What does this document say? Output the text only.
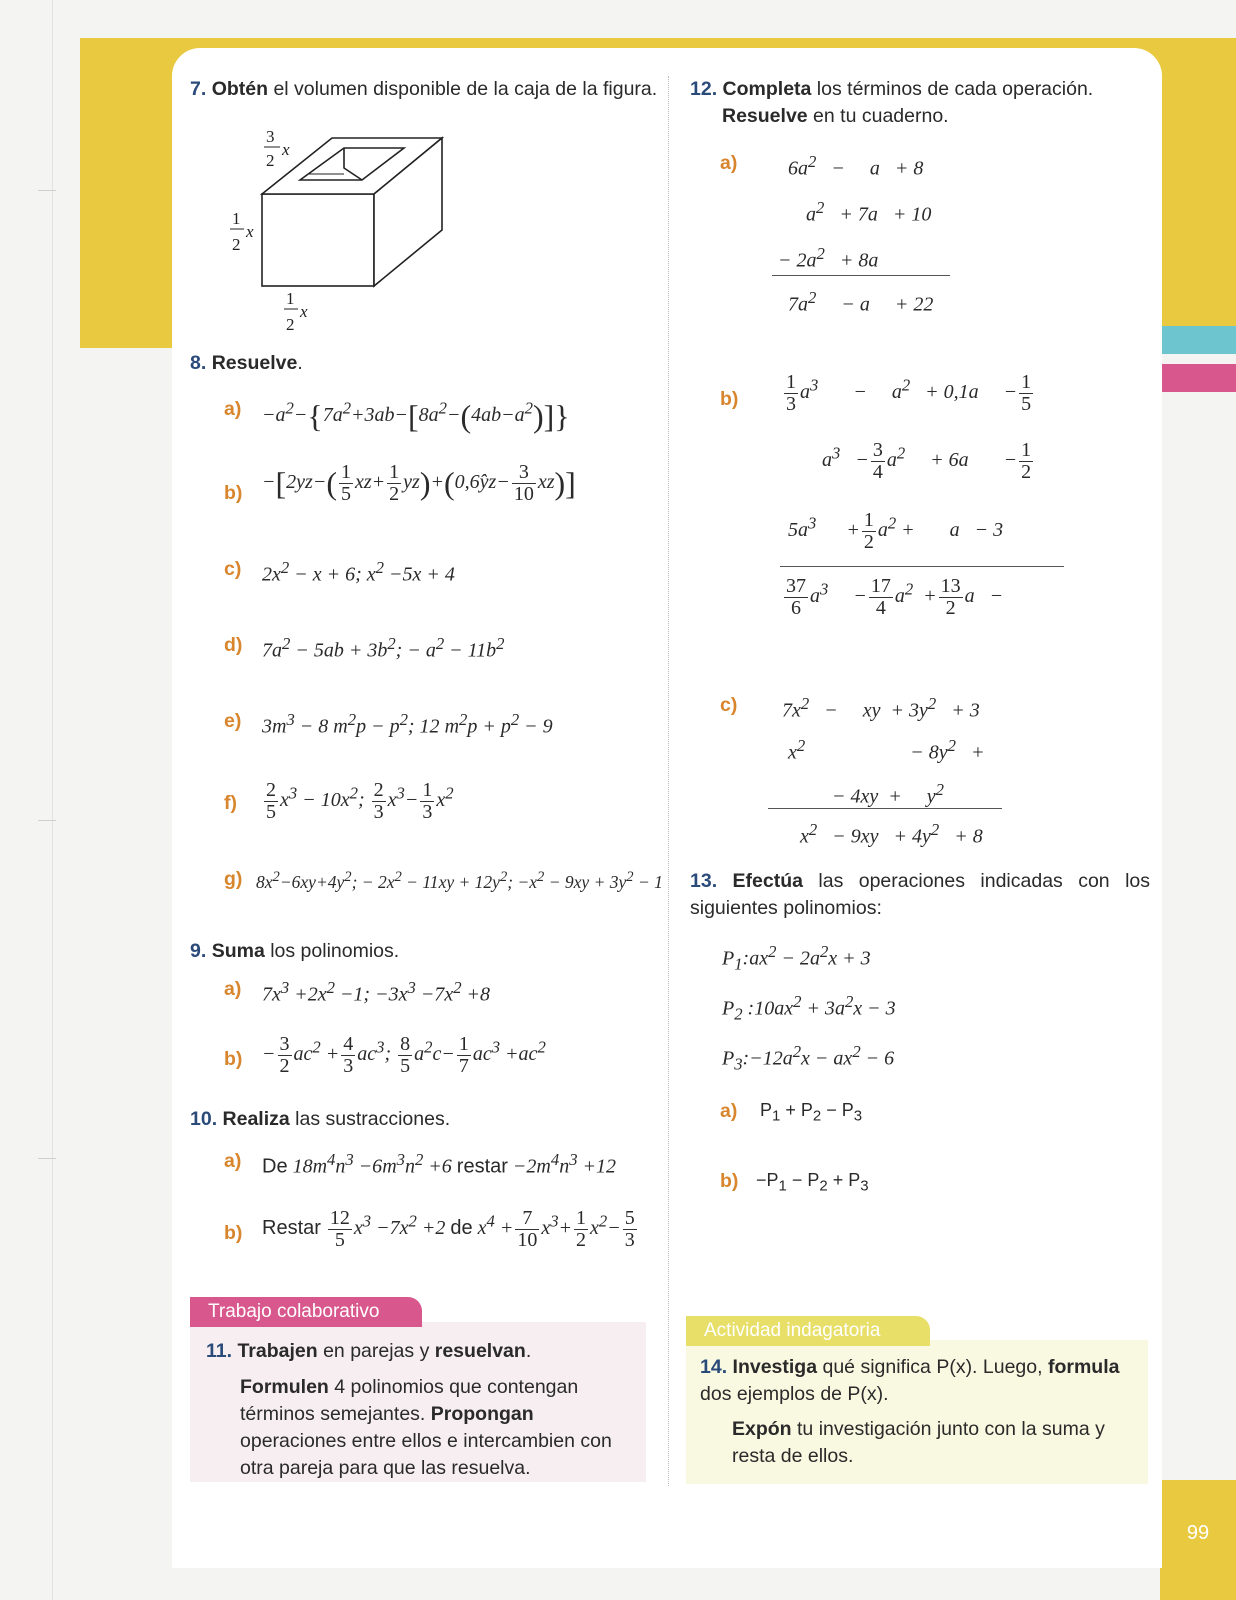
99
7. Obtén el volumen disponible de la caja de la figura.
3
2
x
1
2
x
1
2
x
8. Resuelve.
$a) -a^2-\{7a^2+3ab-[8a^2-(4ab-a^2)]\}$
$b) -[2yz-( \frac{1}{5} xz+ \frac{1}{2}$ yz)+(0,6̂yz− $\frac{3}{10} xz$)]
c) $2x^2 - x + 6$; $x^2 -5x + 4$
d) $7a^2 - 5ab + 3b^2$; − $a^2 - 11b^2$
e) $3m^3 - 8$ $m^2p - p^2$; 12 $m^2p + p^2 - 9$
$f) \frac{2}{5} x^3 - 10x^2$; $\frac{2}{3} x^3- \frac{1}{3} x^2$
g) $8x^2-6xy+4y^2$; − $2x^2 - 11xy + 12y^2$; $-x^2 - 9xy + 3y^2 - 1$
9. Suma los polinomios.
a) $7x^3 +2x^2 -1$; $-3x^3 -7x^2 +8$
$b) - \frac{3}{2} ac^2 + \frac{4}{3} ac^3$; $\frac{8}{5} a^2c- \frac{1}{7} ac^3 +ac^2$
10. Realiza las sustracciones.
a) De $18m^4n^3 -6m^3n^2 +6$ restar $-2m^4n^3 +12$
b) Restar $\frac{12}{5} x^3 -7x^2 +2$ de $x^4 + \frac{7}{10} x^3+ \frac{1}{2} x^2- \frac{5}{3}$
Trabajo colaborativo
11. Trabajen en parejas y resuelvan.
Formulen 4 polinomios que contengan términos semejantes. Propongan operaciones entre ellos e intercambien con otra pareja para que las resuelva.
12. Completa los términos de cada operación.
Resuelve en tu cuaderno.
a)	$6a^2$   −     a   + 8
$a^2 + 7a + 10$
− $2a^2 + 8a$
$7a^2$     − a     + 22
$b) \frac{1}{3} a^3$       −     $a^2 + 0,1a$     − $\frac{1}{5}$
$a^3 - \frac{3}{4} a^2$     + 6a       − $\frac{1}{2}$
$5a^3$      + $\frac{1}{2} a^2$ +       a   − 3
$\frac{37}{6} a^3$     − $\frac{17}{4} a^2 + \frac{13}{2}$ a   −
c) $7x^2$   −     xy  + $3y^2 + 3$
$x^2$                     − $8y^2$   +
− 4xy  +     $y^2$
$x^2 - 9xy + 4y^2 + 8$
13. Efectúa las operaciones indicadas con los siguientes polinomios:
$P_1:ax^2 - 2a^2x + 3$
$P_2$ $:10ax^2 + 3a^2x - 3$
$P_3:-12a^2x - ax^2 - 6$
a) $P_1 + P_2 - P_3$
$b) -P_1 - P_2 + P_3$
Actividad indagatoria
14. Investiga qué significa P(x). Luego, formula dos ejemplos de P(x).
Expón tu investigación junto con la suma y resta de ellos.
